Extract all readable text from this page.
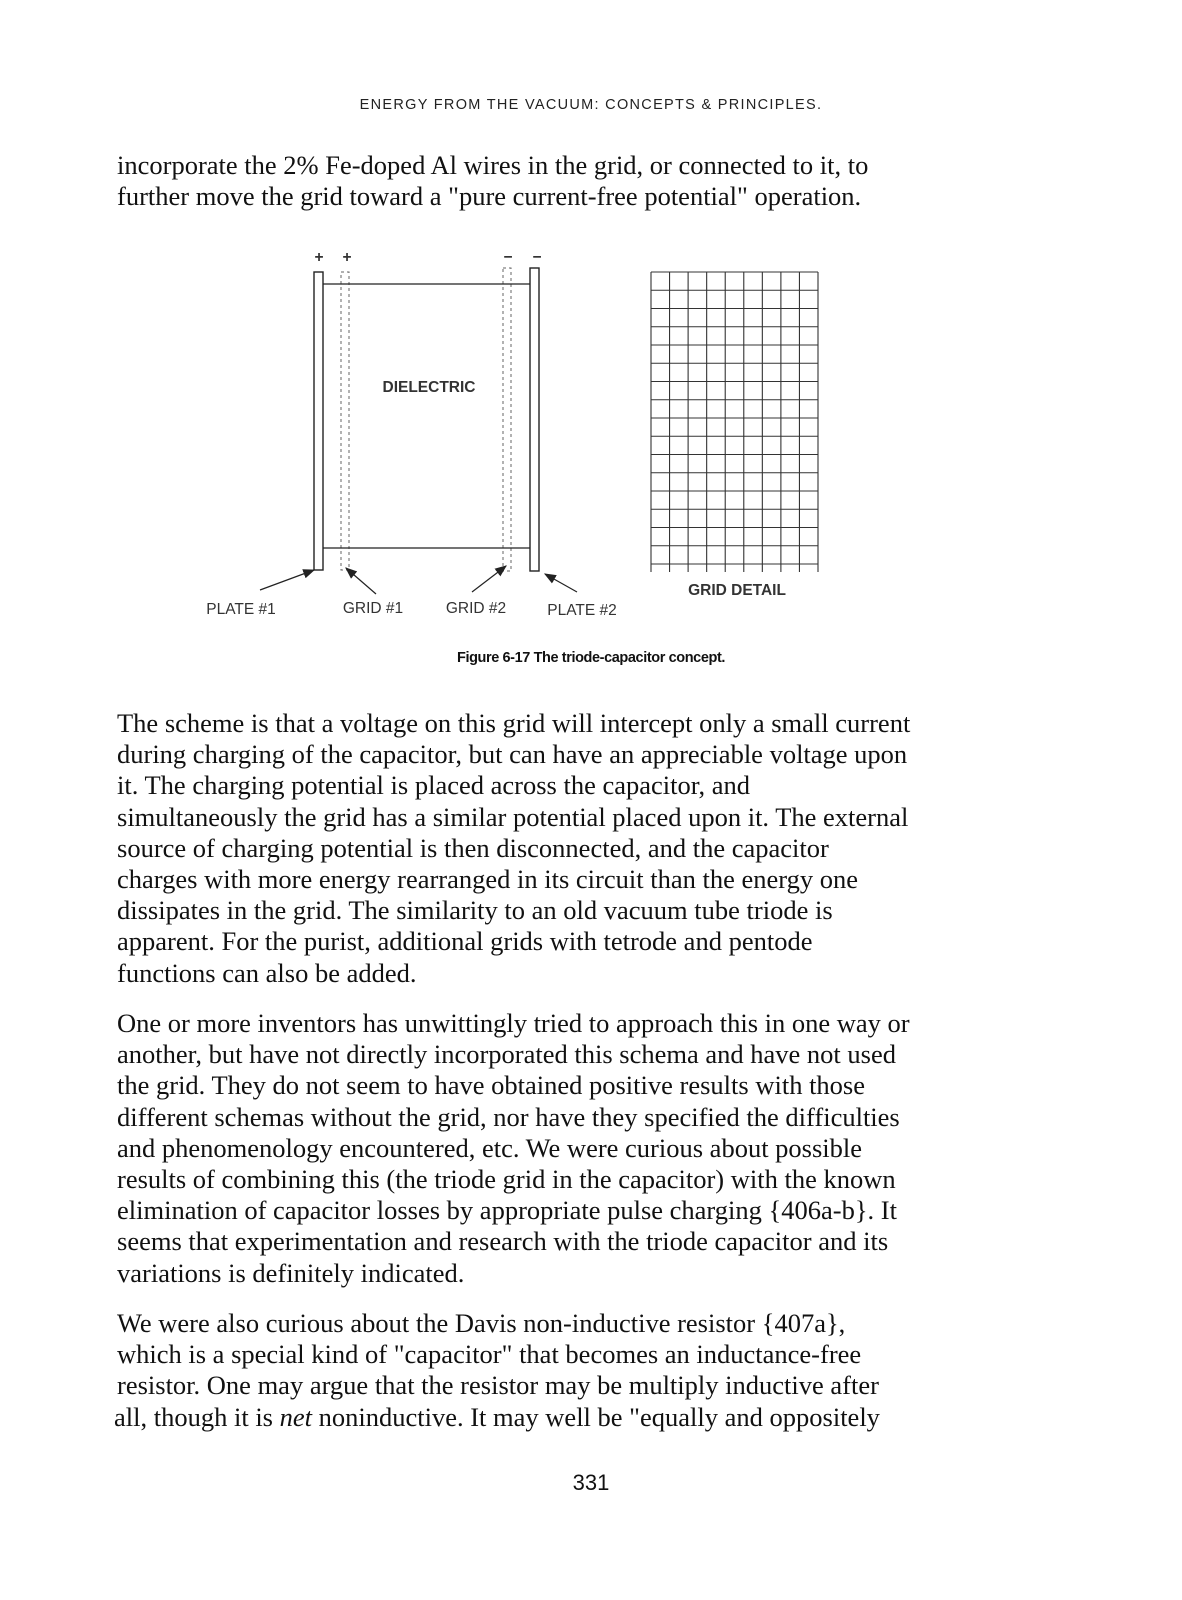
ENERGY FROM THE VACUUM: CONCEPTS & PRINCIPLES.
incorporate the 2% Fe-doped Al wires in the grid, or connected to it, to
further move the grid toward a "pure current-free potential" operation.
+ +	− −
DIELECTRIC
PLATE #1	GRID #1	GRID #2	PLATE #2
GRID DETAIL
Figure 6-17 The triode-capacitor concept.
The scheme is that a voltage on this grid will intercept only a small current
during charging of the capacitor, but can have an appreciable voltage upon
it. The charging potential is placed across the capacitor, and
simultaneously the grid has a similar potential placed upon it. The external
source of charging potential is then disconnected, and the capacitor
charges with more energy rearranged in its circuit than the energy one
dissipates in the grid. The similarity to an old vacuum tube triode is
apparent. For the purist, additional grids with tetrode and pentode
functions can also be added.
One or more inventors has unwittingly tried to approach this in one way or
another, but have not directly incorporated this schema and have not used
the grid. They do not seem to have obtained positive results with those
different schemas without the grid, nor have they specified the difficulties
and phenomenology encountered, etc. We were curious about possible
results of combining this (the triode grid in the capacitor) with the known
elimination of capacitor losses by appropriate pulse charging {406a-b}. It
seems that experimentation and research with the triode capacitor and its
variations is definitely indicated.
We were also curious about the Davis non-inductive resistor {407a},
which is a special kind of "capacitor" that becomes an inductance-free
resistor. One may argue that the resistor may be multiply inductive after
all, though it is net noninductive. It may well be "equally and oppositely
331
